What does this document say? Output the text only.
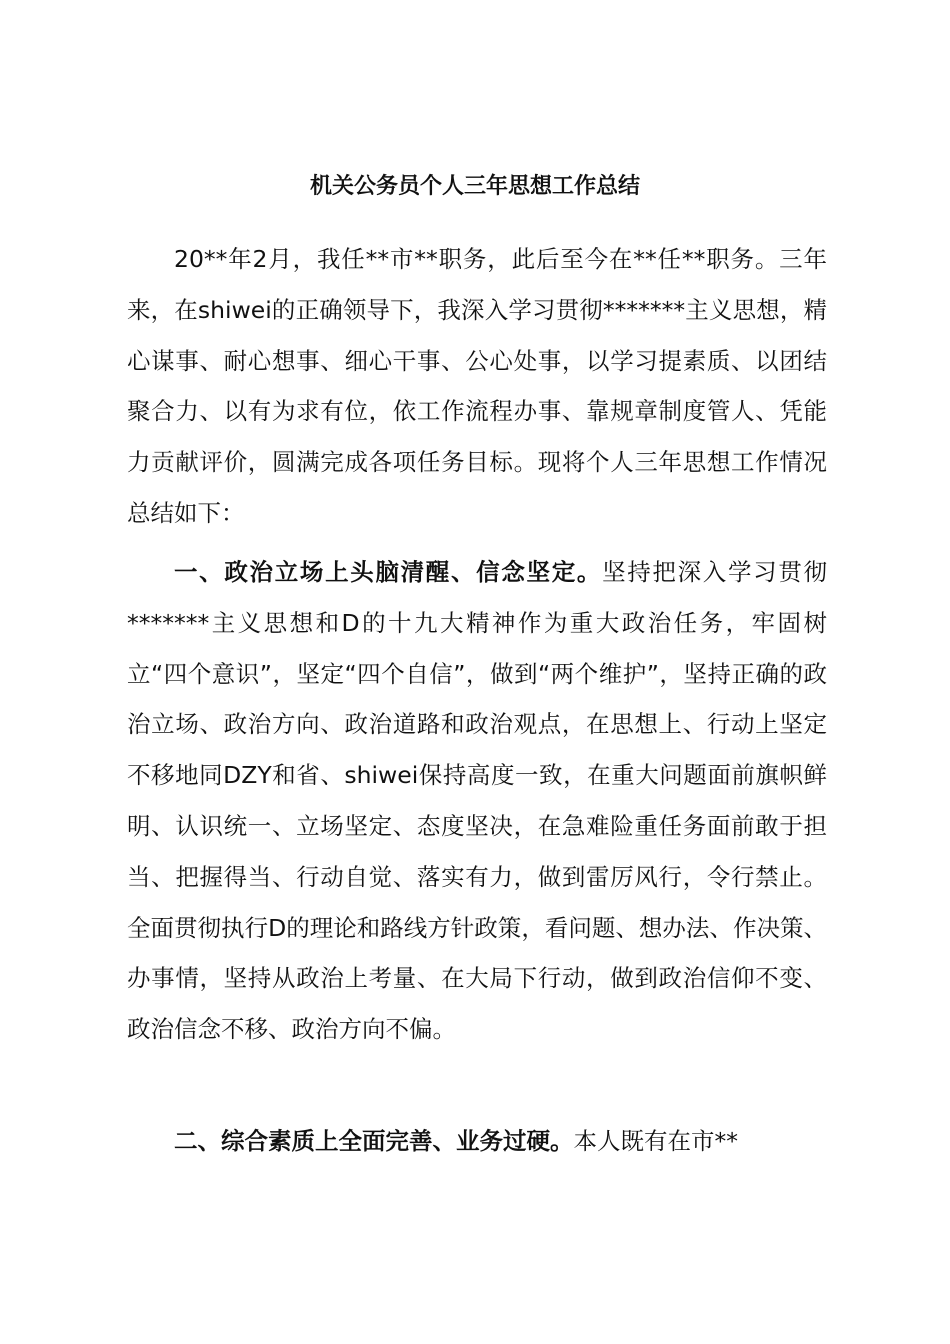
机关公务员个人三年思想工作总结

20**年2月，我任**市**职务，此后至今在**任**职务。三年来，在shiwei的正确领导下，我深入学习贯彻*******主义思想，精心谋事、耐心想事、细心干事、公心处事，以学习提素质、以团结聚合力、以有为求有位，依工作流程办事、靠规章制度管人、凭能力贡献评价，圆满完成各项任务目标。现将个人三年思想工作情况总结如下：

一、政治立场上头脑清醒、信念坚定。坚持把深入学习贯彻*******主义思想和D的十九大精神作为重大政治任务，牢固树立“四个意识”，坚定“四个自信”，做到“两个维护”，坚持正确的政治立场、政治方向、政治道路和政治观点，在思想上、行动上坚定不移地同DZY和省、shiwei保持高度一致，在重大问题面前旗帜鲜明、认识统一、立场坚定、态度坚决，在急难险重任务面前敢于担当、把握得当、行动自觉、落实有力，做到雷厉风行，令行禁止。全面贯彻执行D的理论和路线方针政策，看问题、想办法、作决策、办事情，坚持从政治上考量、在大局下行动，做到政治信仰不变、政治信念不移、政治方向不偏。

二、综合素质上全面完善、业务过硬。本人既有在市**
